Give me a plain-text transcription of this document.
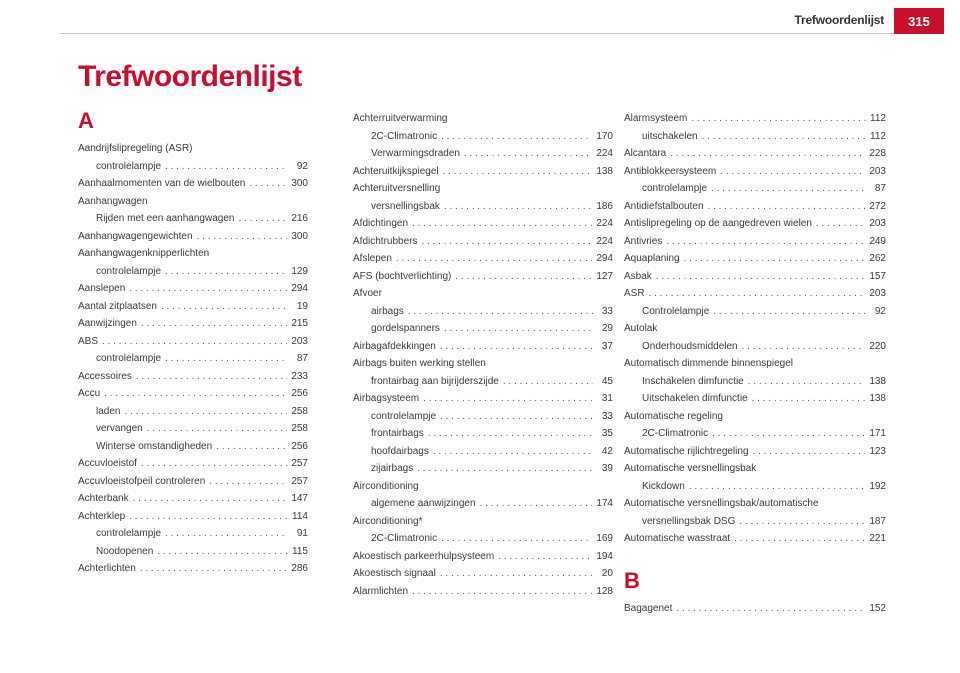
Trefwoordenlijst	315
Trefwoordenlijst
A
Aandrijfslipregeling (ASR)
controlelampje . . .	92
Aanhaalmomenten van de wielbouten . . .	300
Aanhangwagen
Rijden met een aanhangwagen . . .	216
Aanhangwagengewichten . . .	300
Aanhangwagenknipperlichten
controlelampje . . .	129
Aanslepen . . .	294
Aantal zitplaatsen . . .	19
Aanwijzingen . . .	215
ABS . . .	203
controlelampje . . .	87
Accessoires . . .	233
Accu . . .	256
laden . . .	258
vervangen . . .	258
Winterse omstandigheden . . .	256
Accuvloeistof . . .	257
Accuvloeistofpeil controleren . . .	257
Achterbank . . .	147
Achterklep . . .	114
controlelampje . . .	91
Noodopenen . . .	115
Achterlichten . . .	286
Achterruitverwarming
2C-Climatronic . . .	170
Verwarmingsdraden . . .	224
Achteruitkijkspiegel . . .	138
Achteruitversnelling
versnellingsbak . . .	186
Afdichtingen . . .	224
Afdichtrubbers . . .	224
Afslepen . . .	294
AFS (bochtverlichting) . . .	127
Afvoer
airbags . . .	33
gordelspanners . . .	29
Airbagafdekkingen . . .	37
Airbags buiten werking stellen
frontairbag aan bijrijderszijde . . .	45
Airbagsysteem . . .	31
controlelampje . . .	33
frontairbags . . .	35
hoofdairbags . . .	42
zijairbags . . .	39
Airconditioning
algemene aanwijzingen . . .	174
Airconditioning*
2C-Climatronic . . .	169
Akoestisch parkeerhulpsysteem . . .	194
Akoestisch signaal . . .	20
Alarmlichten . . .	128
Alarmsysteem . . .	112
uitschakelen . . .	112
Alcantara . . .	228
Antiblokkeersysteem . . .	203
controlelampje . . .	87
Antidiefstalbouten . . .	272
Antisliрregeling op de aangedreven wielen . . .	203
Antivries . . .	249
Aquaplaning . . .	262
Asbak . . .	157
ASR . . .	203
Controlelampje . . .	92
Autolak
Onderhoudsmiddelen . . .	220
Automatisch dimmende binnenspiegel
Inschakelen dimfunctie . . .	138
Uitschakelen dimfunctie . . .	138
Automatische regeling
2C-Climatronic . . .	171
Automatische rijlichtregeling . . .	123
Automatische versnellingsbak
Kickdown . . .	192
Automatische versnellingsbak/automatische
versnellingsbak DSG . . .	187
Automatische wasstraat . . .	221
B
Bagagenet . . .	152
